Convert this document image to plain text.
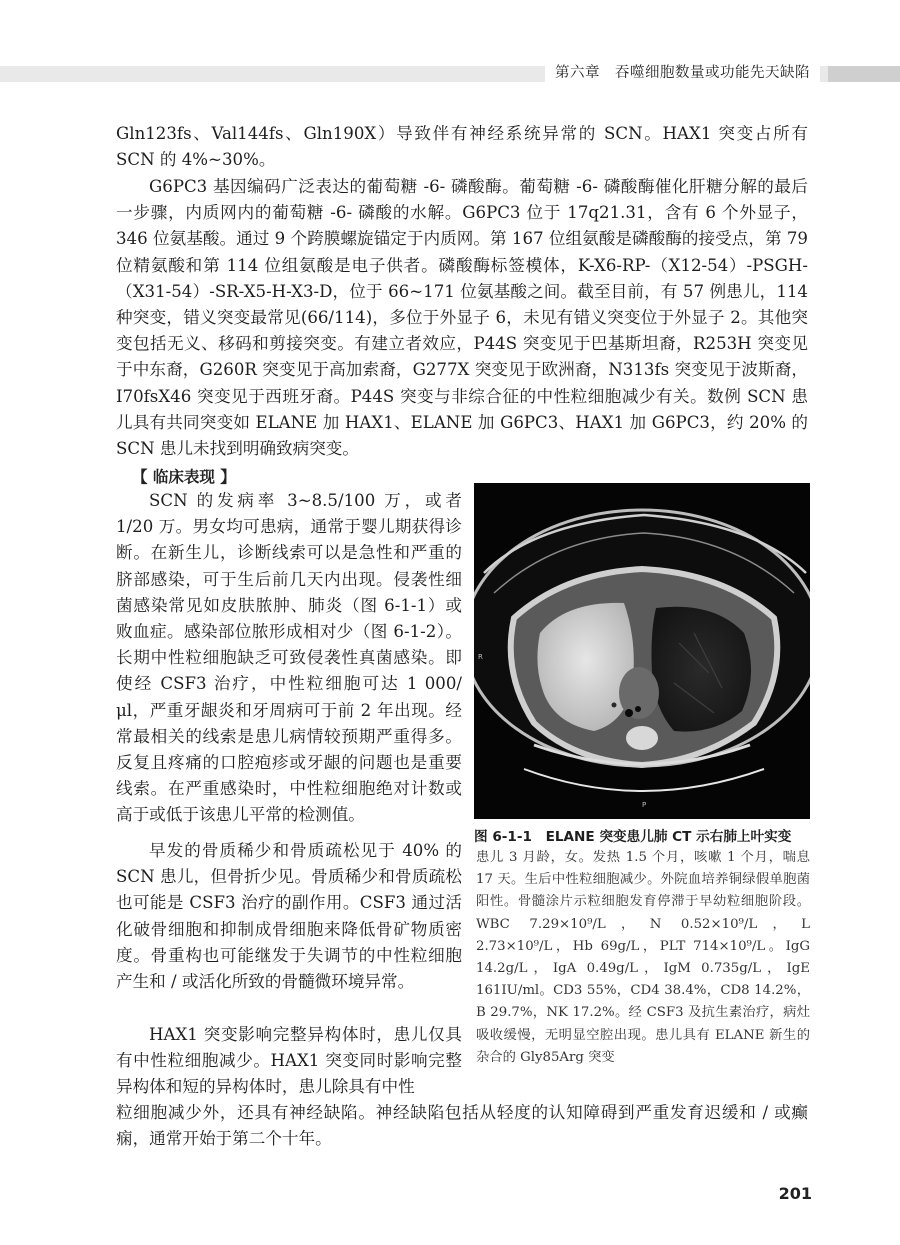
第六章　吞噬细胞数量或功能先天缺陷

Gln123fs、Val144fs、Gln190X）导致伴有神经系统异常的 SCN。HAX1 突变占所有 SCN 的 4%~30%。

G6PC3 基因编码广泛表达的葡萄糖 -6- 磷酸酶。葡萄糖 -6- 磷酸酶催化肝糖分解的最后一步骤，内质网内的葡萄糖 -6- 磷酸的水解。G6PC3 位于 17q21.31，含有 6 个外显子，346 位氨基酸。通过 9 个跨膜螺旋锚定于内质网。第 167 位组氨酸是磷酸酶的接受点，第 79 位精氨酸和第 114 位组氨酸是电子供者。磷酸酶标签模体，K-X6-RP-（X12-54）-PSGH-（X31-54）-SR-X5-H-X3-D，位于 66~171 位氨基酸之间。截至目前，有 57 例患儿，114 种突变，错义突变最常见(66/114)，多位于外显子 6，未见有错义突变位于外显子 2。其他突变包括无义、移码和剪接突变。有建立者效应，P44S 突变见于巴基斯坦裔，R253H 突变见于中东裔，G260R 突变见于高加索裔，G277X 突变见于欧洲裔，N313fs 突变见于波斯裔，I70fsX46 突变见于西班牙裔。P44S 突变与非综合征的中性粒细胞减少有关。数例 SCN 患儿具有共同突变如 ELANE 加 HAX1、ELANE 加 G6PC3、HAX1 加 G6PC3，约 20% 的 SCN 患儿未找到明确致病突变。

【 临床表现 】

SCN 的发病率 3~8.5/100 万，或者 1/20 万。男女均可患病，通常于婴儿期获得诊断。在新生儿，诊断线索可以是急性和严重的脐部感染，可于生后前几天内出现。侵袭性细菌感染常见如皮肤脓肿、肺炎（图 6-1-1）或败血症。感染部位脓形成相对少（图 6-1-2）。长期中性粒细胞缺乏可致侵袭性真菌感染。即使经 CSF3 治疗，中性粒细胞可达 1 000/μl，严重牙龈炎和牙周病可于前 2 年出现。经常最相关的线索是患儿病情较预期严重得多。反复且疼痛的口腔疱疹或牙龈的问题也是重要线索。在严重感染时，中性粒细胞绝对计数或高于或低于该患儿平常的检测值。

早发的骨质稀少和骨质疏松见于 40% 的 SCN 患儿，但骨折少见。骨质稀少和骨质疏松也可能是 CSF3 治疗的副作用。CSF3 通过活化破骨细胞和抑制成骨细胞来降低骨矿物质密度。骨重构也可能继发于失调节的中性粒细胞产生和 / 或活化所致的骨髓微环境异常。

HAX1 突变影响完整异构体时，患儿仅具有中性粒细胞减少。HAX1 突变同时影响完整异构体和短的异构体时，患儿除具有中性

粒细胞减少外，还具有神经缺陷。神经缺陷包括从轻度的认知障碍到严重发育迟缓和 / 或癫痫，通常开始于第二个十年。

R
P
图 6-1-1　ELANE 突变患儿肺 CT 示右肺上叶实变

患儿 3 月龄，女。发热 1.5 个月，咳嗽 1 个月，喘息 17 天。生后中性粒细胞减少。外院血培养铜绿假单胞菌阳性。骨髓涂片示粒细胞发育停滞于早幼粒细胞阶段。WBC 7.29×10⁹/L，N 0.52×10⁹/L，L 2.73×10⁹/L，Hb 69g/L，PLT 714×10⁹/L。IgG 14.2g/L，IgA 0.49g/L，IgM 0.735g/L，IgE 161IU/ml。CD3 55%，CD4 38.4%，CD8 14.2%，B 29.7%，NK 17.2%。经 CSF3 及抗生素治疗，病灶吸收缓慢，无明显空腔出现。患儿具有 ELANE 新生的杂合的 Gly85Arg 突变

201
